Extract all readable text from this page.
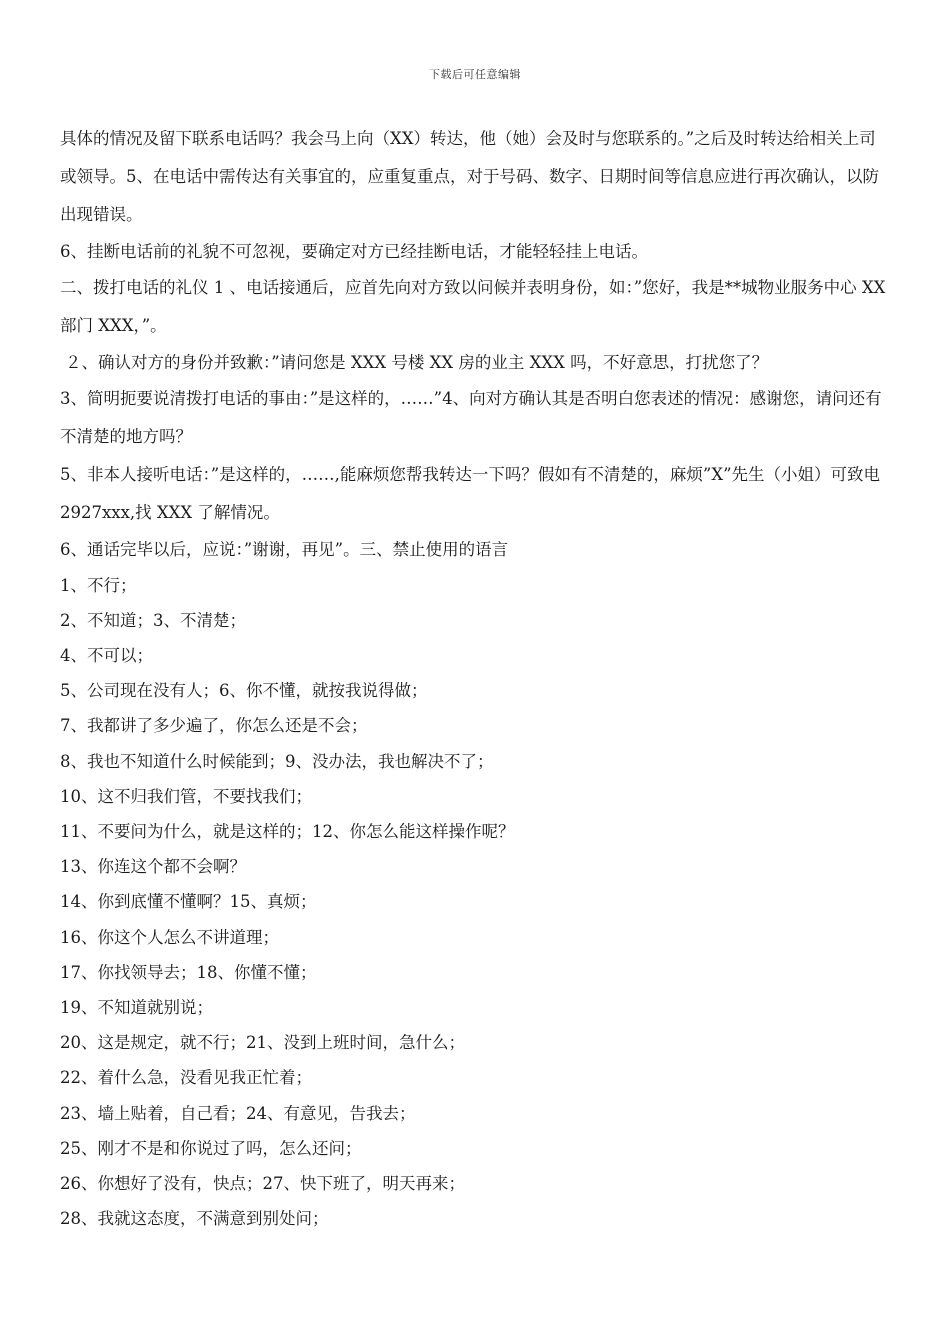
下载后可任意编辑

具体的情况及留下联系电话吗？我会马上向（XX）转达，他（她）会及时与您联系的。”之后及时转达给相关上司或领导。5、在电话中需传达有关事宜的，应重复重点，对于号码、数字、日期时间等信息应进行再次确认，以防出现错误。

6、挂断电话前的礼貌不可忽视，要确定对方已经挂断电话，才能轻轻挂上电话。

二、拨打电话的礼仪 1 、电话接通后，应首先向对方致以问候并表明身份，如：”您好，我是**城物业服务中心 XX 部门 XXX，”。

２、确认对方的身份并致歉：”请问您是 XXX 号楼 XX 房的业主 XXX 吗，不好意思，打扰您了？

3、简明扼要说清拨打电话的事由：”是这样的，……”4、向对方确认其是否明白您表述的情况：感谢您，请问还有不清楚的地方吗？

5、非本人接听电话：”是这样的，……,能麻烦您帮我转达一下吗？假如有不清楚的，麻烦”X”先生（小姐）可致电 2927xxx,找 XXX 了解情况。

6、通话完毕以后，应说：”谢谢，再见”。三、禁止使用的语言

1、不行；

2、不知道；3、不清楚；

4、不可以；

5、公司现在没有人；6、你不懂，就按我说得做；

7、我都讲了多少遍了，你怎么还是不会；

8、我也不知道什么时候能到；9、没办法，我也解决不了；

10、这不归我们管，不要找我们；

11、不要问为什么，就是这样的；12、你怎么能这样操作呢？

13、你连这个都不会啊？

14、你到底懂不懂啊？15、真烦；

16、你这个人怎么不讲道理；

17、你找领导去；18、你懂不懂；

19、不知道就别说；

20、这是规定，就不行；21、没到上班时间，急什么；

22、着什么急，没看见我正忙着；

23、墙上贴着，自己看；24、有意见，告我去；

25、刚才不是和你说过了吗，怎么还问；

26、你想好了没有，快点；27、快下班了，明天再来；

28、我就这态度，不满意到别处问；
